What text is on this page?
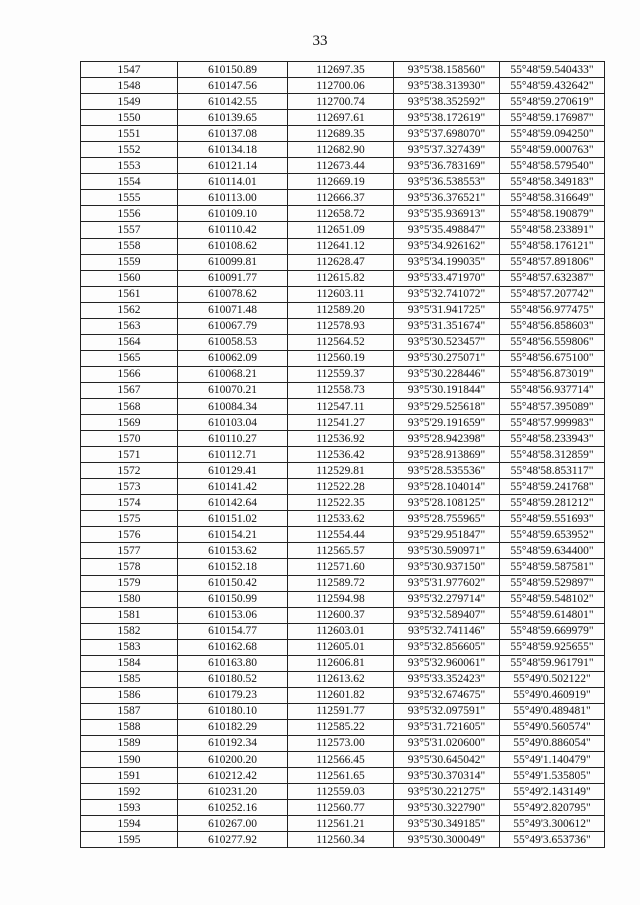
33
1547	610150.89	112697.35	93°5'38.158560"	55°48'59.540433"
1548	610147.56	112700.06	93°5'38.313930"	55°48'59.432642"
1549	610142.55	112700.74	93°5'38.352592"	55°48'59.270619"
1550	610139.65	112697.61	93°5'38.172619"	55°48'59.176987"
1551	610137.08	112689.35	93°5'37.698070"	55°48'59.094250"
1552	610134.18	112682.90	93°5'37.327439"	55°48'59.000763"
1553	610121.14	112673.44	93°5'36.783169"	55°48'58.579540"
1554	610114.01	112669.19	93°5'36.538553"	55°48'58.349183"
1555	610113.00	112666.37	93°5'36.376521"	55°48'58.316649"
1556	610109.10	112658.72	93°5'35.936913"	55°48'58.190879"
1557	610110.42	112651.09	93°5'35.498847"	55°48'58.233891"
1558	610108.62	112641.12	93°5'34.926162"	55°48'58.176121"
1559	610099.81	112628.47	93°5'34.199035"	55°48'57.891806"
1560	610091.77	112615.82	93°5'33.471970"	55°48'57.632387"
1561	610078.62	112603.11	93°5'32.741072"	55°48'57.207742"
1562	610071.48	112589.20	93°5'31.941725"	55°48'56.977475"
1563	610067.79	112578.93	93°5'31.351674"	55°48'56.858603"
1564	610058.53	112564.52	93°5'30.523457"	55°48'56.559806"
1565	610062.09	112560.19	93°5'30.275071"	55°48'56.675100"
1566	610068.21	112559.37	93°5'30.228446"	55°48'56.873019"
1567	610070.21	112558.73	93°5'30.191844"	55°48'56.937714"
1568	610084.34	112547.11	93°5'29.525618"	55°48'57.395089"
1569	610103.04	112541.27	93°5'29.191659"	55°48'57.999983"
1570	610110.27	112536.92	93°5'28.942398"	55°48'58.233943"
1571	610112.71	112536.42	93°5'28.913869"	55°48'58.312859"
1572	610129.41	112529.81	93°5'28.535536"	55°48'58.853117"
1573	610141.42	112522.28	93°5'28.104014"	55°48'59.241768"
1574	610142.64	112522.35	93°5'28.108125"	55°48'59.281212"
1575	610151.02	112533.62	93°5'28.755965"	55°48'59.551693"
1576	610154.21	112554.44	93°5'29.951847"	55°48'59.653952"
1577	610153.62	112565.57	93°5'30.590971"	55°48'59.634400"
1578	610152.18	112571.60	93°5'30.937150"	55°48'59.587581"
1579	610150.42	112589.72	93°5'31.977602"	55°48'59.529897"
1580	610150.99	112594.98	93°5'32.279714"	55°48'59.548102"
1581	610153.06	112600.37	93°5'32.589407"	55°48'59.614801"
1582	610154.77	112603.01	93°5'32.741146"	55°48'59.669979"
1583	610162.68	112605.01	93°5'32.856605"	55°48'59.925655"
1584	610163.80	112606.81	93°5'32.960061"	55°48'59.961791"
1585	610180.52	112613.62	93°5'33.352423"	55°49'0.502122"
1586	610179.23	112601.82	93°5'32.674675"	55°49'0.460919"
1587	610180.10	112591.77	93°5'32.097591"	55°49'0.489481"
1588	610182.29	112585.22	93°5'31.721605"	55°49'0.560574"
1589	610192.34	112573.00	93°5'31.020600"	55°49'0.886054"
1590	610200.20	112566.45	93°5'30.645042"	55°49'1.140479"
1591	610212.42	112561.65	93°5'30.370314"	55°49'1.535805"
1592	610231.20	112559.03	93°5'30.221275"	55°49'2.143149"
1593	610252.16	112560.77	93°5'30.322790"	55°49'2.820795"
1594	610267.00	112561.21	93°5'30.349185"	55°49'3.300612"
1595	610277.92	112560.34	93°5'30.300049"	55°49'3.653736"
